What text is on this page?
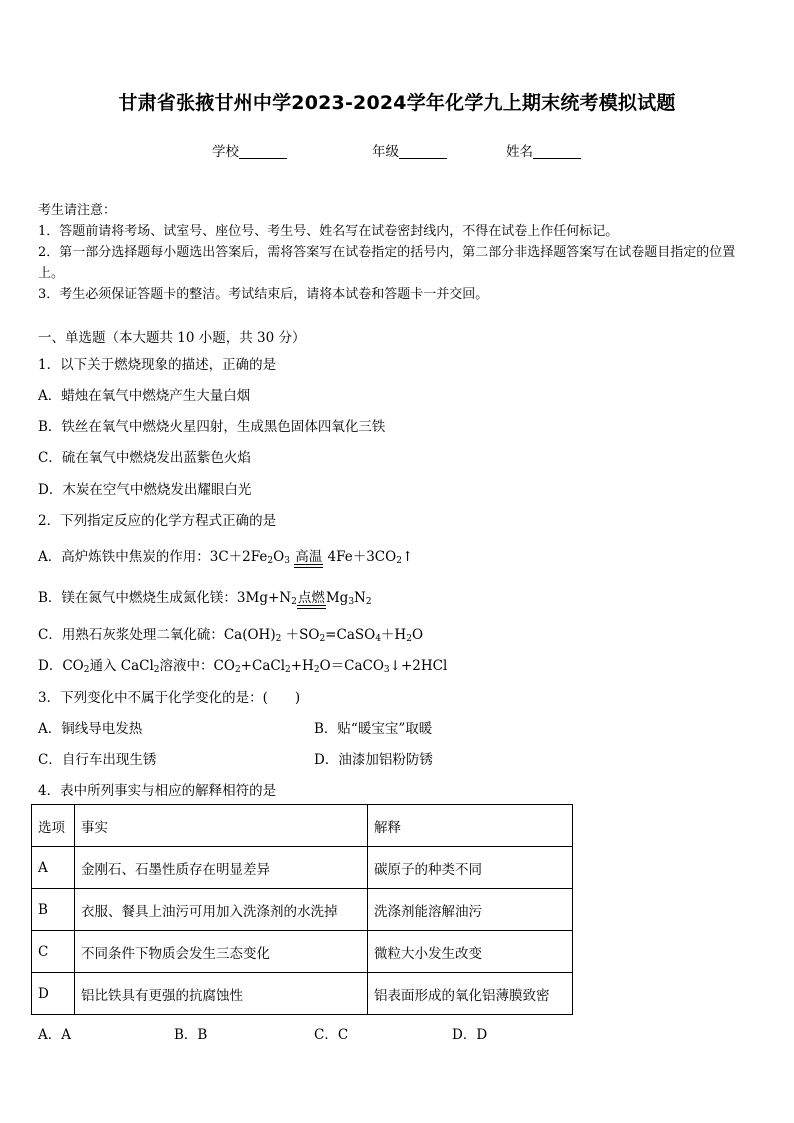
甘肃省张掖甘州中学2023-2024学年化学九上期末统考模拟试题
学校	年级	姓名
考生请注意：
1．答题前请将考场、试室号、座位号、考生号、姓名写在试卷密封线内，不得在试卷上作任何标记。
2．第一部分选择题每小题选出答案后，需将答案写在试卷指定的括号内，第二部分非选择题答案写在试卷题目指定的位置上。
3．考生必须保证答题卡的整洁。考试结束后，请将本试卷和答题卡一并交回。
一、单选题（本大题共 10 小题，共 30 分）
1．以下关于燃烧现象的描述，正确的是
A．蜡烛在氧气中燃烧产生大量白烟
B．铁丝在氧气中燃烧火星四射，生成黑色固体四氧化三铁
C．硫在氧气中燃烧发出蓝紫色火焰
D．木炭在空气中燃烧发出耀眼白光
2．下列指定反应的化学方程式正确的是
A．高炉炼铁中焦炭的作用：$3C+2Fe_2O_3$ 高温 $4Fe+3CO_2↑$
B．镁在氮气中燃烧生成氮化镁：$3Mg+N_2$点燃$Mg_3N_2$
C．用熟石灰浆处理二氧化硫：$Ca(OH)_2$ $+SO_2=CaSO_4+H_2O$
D．$CO_2$通入 CaCl$_2$溶液中：$CO_2+CaCl_2+H_2O=CaCO_3↓+2HCl$
3．下列变化中不属于化学变化的是：(　　)
A．铜线导电发热	B．贴“暖宝宝”取暖
C．自行车出现生锈	D．油漆加铝粉防锈
4．表中所列事实与相应的解释相符的是
选项	事实	解释
A	金刚石、石墨性质存在明显差异	碳原子的种类不同
B	衣服、餐具上油污可用加入洗涤剂的水洗掉	洗涤剂能溶解油污
C	不同条件下物质会发生三态变化	微粒大小发生改变
D	铝比铁具有更强的抗腐蚀性	铝表面形成的氧化铝薄膜致密
A．A	B．B	C．C	D．D
